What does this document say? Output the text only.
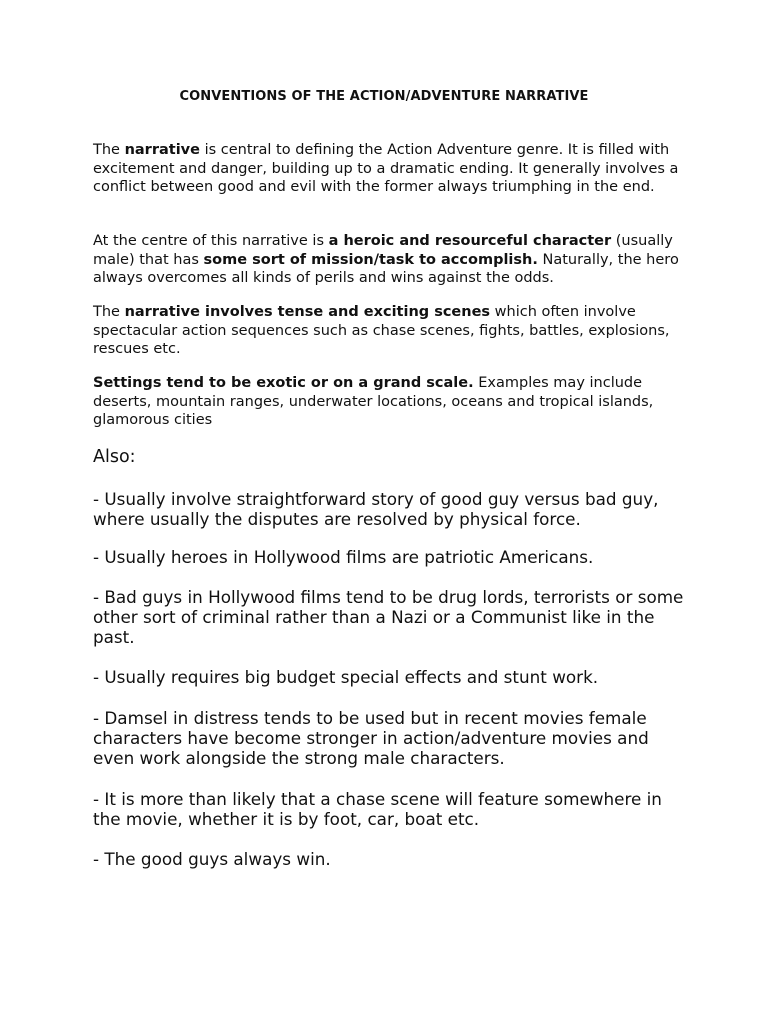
CONVENTIONS OF THE ACTION/ADVENTURE NARRATIVE

The narrative is central to defining the Action Adventure genre. It is filled with excitement and danger, building up to a dramatic ending. It generally involves a conflict between good and evil with the former always triumphing in the end.

At the centre of this narrative is a heroic and resourceful character (usually male) that has some sort of mission/task to accomplish. Naturally, the hero always overcomes all kinds of perils and wins against the odds.

The narrative involves tense and exciting scenes which often involve spectacular action sequences such as chase scenes, fights, battles, explosions, rescues etc.

Settings tend to be exotic or on a grand scale. Examples may include deserts, mountain ranges, underwater locations, oceans and tropical islands, glamorous cities

Also:

- Usually involve straightforward story of good guy versus bad guy, where usually the disputes are resolved by physical force.

- Usually heroes in Hollywood films are patriotic Americans.

- Bad guys in Hollywood films tend to be drug lords, terrorists or some other sort of criminal rather than a Nazi or a Communist like in the past.

- Usually requires big budget special effects and stunt work.

- Damsel in distress tends to be used but in recent movies female characters have become stronger in action/adventure movies and even work alongside the strong male characters.

- It is more than likely that a chase scene will feature somewhere in the movie, whether it is by foot, car, boat etc.

- The good guys always win.
